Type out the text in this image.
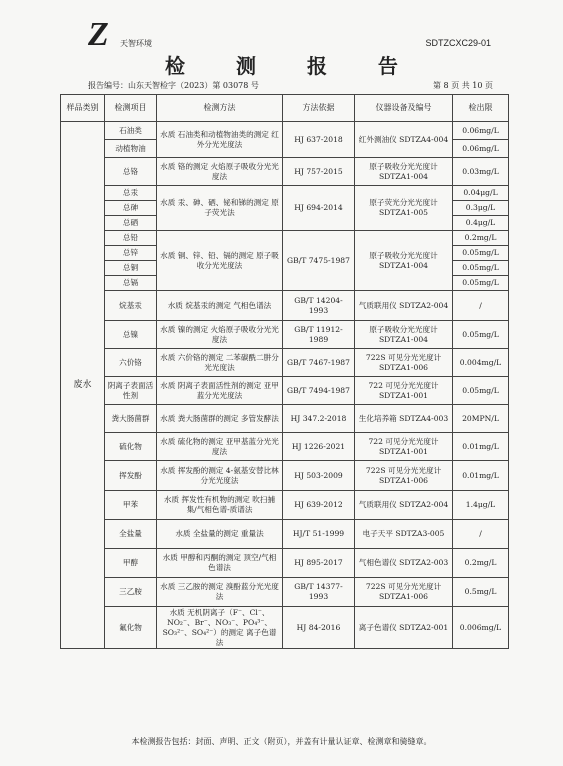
Z 天智环境	SDTZCXC29-01
检 测 报 告
报告编号：山东天智检字（2023）第 03078 号	第 8 页 共 10 页
样品类别	检测项目	检测方法	方法依据	仪器设备及编号	检出限
废水	石油类	水质 石油类和动植物油类的测定 红外分光光度法	HJ 637-2018	红外测油仪 SDTZA4-004	0.06mg/L
	动植物油				0.06mg/L
	总铬	水质 铬的测定 火焰原子吸收分光光度法	HJ 757-2015	原子吸收分光光度计 SDTZA1-004	0.03mg/L
	总汞	水质 汞、砷、硒、铋和锑的测定 原子荧光法	HJ 694-2014	原子荧光分光光度计 SDTZA1-005	0.04μg/L
	总砷				0.3μg/L
	总硒				0.4μg/L
	总铅	水质 铜、锌、铅、镉的测定 原子吸收分光光度法	GB/T 7475-1987	原子吸收分光光度计 SDTZA1-004	0.2mg/L
	总锌				0.05mg/L
	总铜				0.05mg/L
	总镉				0.05mg/L
	烷基汞	水质 烷基汞的测定 气相色谱法	GB/T 14204-1993	气质联用仪 SDTZA2-004	/
	总镍	水质 镍的测定 火焰原子吸收分光光度法	GB/T 11912-1989	原子吸收分光光度计 SDTZA1-004	0.05mg/L
	六价铬	水质 六价铬的测定 二苯碳酰二肼分光光度法	GB/T 7467-1987	722S 可见分光光度计 SDTZA1-006	0.004mg/L
	阴离子表面活性剂	水质 阴离子表面活性剂的测定 亚甲蓝分光光度法	GB/T 7494-1987	722 可见分光光度计 SDTZA1-001	0.05mg/L
	粪大肠菌群	水质 粪大肠菌群的测定 多管发酵法	HJ 347.2-2018	生化培养箱 SDTZA4-003	20MPN/L
	硫化物	水质 硫化物的测定 亚甲基蓝分光光度法	HJ 1226-2021	722 可见分光光度计 SDTZA1-001	0.01mg/L
	挥发酚	水质 挥发酚的测定 4-氨基安替比林分光光度法	HJ 503-2009	722S 可见分光光度计 SDTZA1-006	0.01mg/L
	甲苯	水质 挥发性有机物的测定 吹扫捕集/气相色谱-质谱法	HJ 639-2012	气质联用仪 SDTZA2-004	1.4μg/L
	全盐量	水质 全盐量的测定 重量法	HJ/T 51-1999	电子天平 SDTZA3-005	/
	甲醇	水质 甲醇和丙酮的测定 顶空/气相色谱法	HJ 895-2017	气相色谱仪 SDTZA2-003	0.2mg/L
	三乙胺	水质 三乙胺的测定 溴酚蓝分光光度法	GB/T 14377-1993	722S 可见分光光度计 SDTZA1-006	0.5mg/L
	氟化物	水质 无机阴离子（F⁻、Cl⁻、NO₂⁻、Br⁻、NO₃⁻、PO₄³⁻、SO₃²⁻、SO₄²⁻）的测定 离子色谱法	HJ 84-2016	离子色谱仪 SDTZA2-001	0.006mg/L
本检测报告包括：封面、声明、正文（附页），并盖有计量认证章、检测章和骑缝章。
